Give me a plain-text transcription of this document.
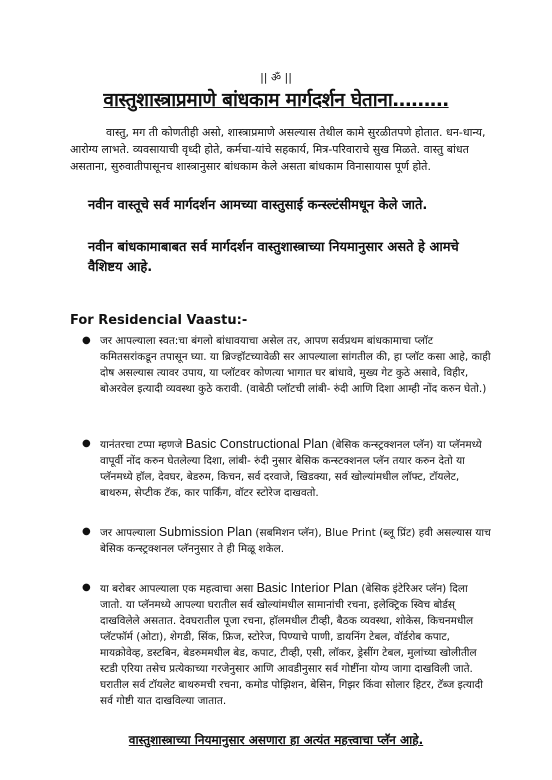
|| ॐ ||
वास्तुशास्त्राप्रमाणे बांधकाम मार्गदर्शन घेताना………
वास्तु, मग ती कोणतीही असो, शास्त्राप्रमाणे असल्यास तेथील कामे सुरळीतपणे होतात. धन-धान्य, आरोग्य लाभते. व्यवसायाची वृध्दी होते, कर्मचा-यांचे सहकार्य, मित्र-परिवाराचे सुख मिळते. वास्तु बांधत असताना, सुरुवातीपासूनच शास्त्रानुसार बांधकाम केले असता बांधकाम विनासायास पूर्ण होते.
नवीन वास्तूचे सर्व मार्गदर्शन आमच्या वास्तुसाई कन्स्ल्टंसीमधून केले जाते.
नवीन बांधकामाबाबत सर्व मार्गदर्शन वास्तुशास्त्राच्या नियमानुसार असते हे आमचे वैशिष्टय आहे.
For Residencial Vaastu:-
● जर आपल्याला स्वत:चा बंगलो बांधावयाचा असेल तर, आपण सर्वप्रथम बांधकामाचा प्लॉट कमितसरांकडून तपासून घ्या. या ब्रिज्हॉटच्यावेळी सर आपल्याला सांगतील की, हा प्लॉट कसा आहे, काही दोष असल्यास त्यावर उपाय, या प्लॉटवर कोणत्या भागात घर बांधावे, मुख्य गेट कुठे असावे, विहीर, बोअरवेल इत्यादी व्यवस्था कुठे करावी. (वाबेठी प्लॉटची लांबी- रुंदी आणि दिशा आम्ही नोंद करुन घेतो.)
● यानंतरचा टप्पा म्हणजे Basic Constructional Plan (बेसिक कन्स्ट्रक्शनल प्लॅन) या प्लॅनमध्ये वापूर्वी नोंद करुन घेतलेल्या दिशा, लांबी- रुंदी नुसार बेसिक कन्स्टक्शनल प्लॅन तयार करुन देतो या प्लॅनमध्ये हॉल, देवघर, बेडरुम, किचन, सर्व दरवाजे, खिडक्या, सर्व खोल्यांमधील लॉफ्ट, टॉयलेट, बाथरुम, सेप्टीक टॅक, कार पार्किंग, वॉटर स्टोरेज दाखवतो.
● जर आपल्याला Submission Plan (सबमिशन प्लॅन), Blue Print (ब्लू प्रिंट) हवी असल्यास याच बेसिक कन्स्ट्रक्शनल प्लॅननुसार ते ही मिळू शकेल.
● या बरोबर आपल्याला एक महत्वाचा असा Basic Interior Plan (बेसिक इंटेरिअर प्लॅन) दिला जातो. या प्लॅनमध्ये आपल्या घरातील सर्व खोल्यांमधील सामानांची रचना, इलेक्ट्रिक स्विच बोर्डस् दाखविलेले असतात. देवघरातील पूजा रचना, हॉलमधील टीव्ही, बैठक व्यवस्था, शोकेस, किचनमधील प्लॅटफॉर्म (ओटा), शेगडी, सिंक, फ्रिज, स्टोरेज, पिण्याचे पाणी, डायनिंग टेबल, वॉर्डरोब कपाट, मायक्रोवेव्ह, डस्टबिन, बेडरुममधील बेड, कपाट, टीव्ही, एसी, लॉकर, ड्रेसींग टेबल, मुलांच्या खोलीतील स्टडी एरिया तसेच प्रत्येकाच्या गरजेनुसार आणि आवडीनुसार सर्व गोष्टींना योग्य जागा दाखविली जाते. घरातील सर्व टॉयलेट बाथरुमची रचना, कमोड पोझिशन, बेसिन, गिझर किंवा सोलार हिटर, टॅब्ज इत्यादी सर्व गोष्टी यात दाखविल्या जातात.
वास्तुशास्त्राच्या नियमानुसार असणारा हा अत्यंत महत्त्वाचा प्लॅन आहे.
